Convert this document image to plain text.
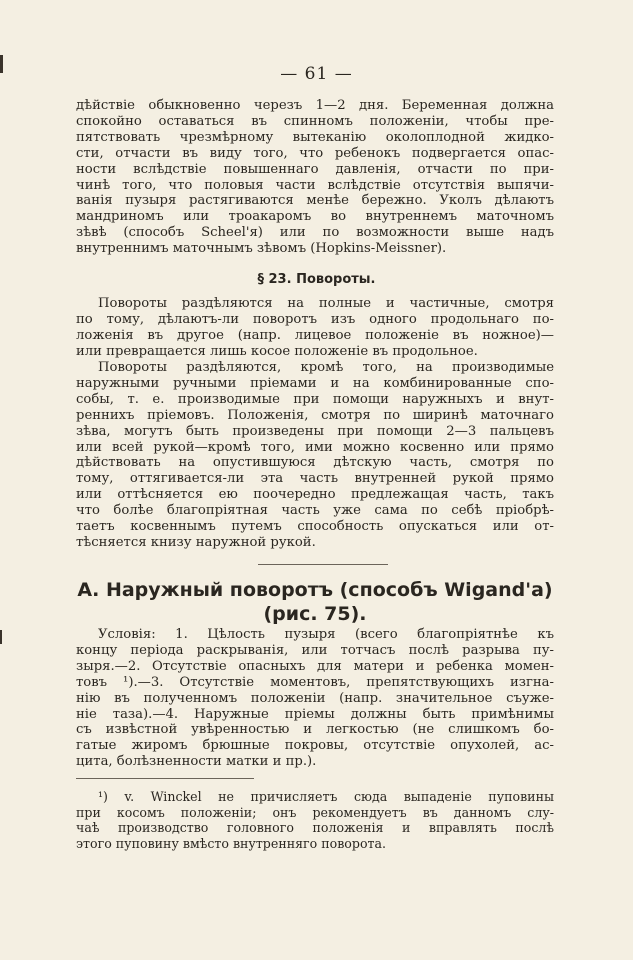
— 61 —

дѣйствіе обыкновенно черезъ 1—2 дня. Беременная должна
спокойно оставаться въ спинномъ положеніи, чтобы пре-
пятствовать чрезмѣрному вытеканію околоплодной жидко-
сти, отчасти въ виду того, что ребенокъ подвергается опас-
ности вслѣдствіе повышеннаго давленія, отчасти по при-
чинѣ того, что половыя части вслѣдствіе отсутствія выпячи-
ванія пузыря растягиваются менѣе бережно. Уколъ дѣлаютъ
мандриномъ или троакаромъ во внутреннемъ маточномъ
зѣвѣ (способъ Scheel'я) или по возможности выше надъ
внутреннимъ маточнымъ зѣвомъ (Hopkins-Meissner).

§ 23. Повороты.

Повороты раздѣляются на полные и частичные, смотря
по тому, дѣлаютъ-ли поворотъ изъ одного продольнаго по-
ложенія въ другое (напр. лицевое положеніе въ ножное)—
или превращается лишь косое положеніе въ продольное.

Повороты раздѣляются, кромѣ того, на производимые
наружными ручными пріемами и на комбинированные спо-
собы, т. е. производимые при помощи наружныхъ и внут-
реннихъ пріемовъ. Положенія, смотря по ширинѣ маточнаго
зѣва, могутъ быть произведены при помощи 2—3 пальцевъ
или всей рукой—кромѣ того, ими можно косвенно или прямо
дѣйствовать на опустившуюся дѣтскую часть, смотря по
тому, оттягивается-ли эта часть внутренней рукой прямо
или оттѣсняется ею поочередно предлежащая часть, такъ
что болѣе благопріятная часть уже сама по себѣ пріобрѣ-
таетъ косвеннымъ путемъ способность опускаться или от-
тѣсняется книзу наружной рукой.

А. Наружный поворотъ (способъ Wigand'а)
(рис. 75).

Условія: 1. Цѣлость пузыря (всего благопріятнѣе къ
концу періода раскрыванія, или тотчасъ послѣ разрыва пу-
зыря.—2. Отсутствіе опасныхъ для матери и ребенка момен-
товъ ¹).—3. Отсутствіе моментовъ, препятствующихъ изгна-
нію въ полученномъ положеніи (напр. значительное съуже-
ніе таза).—4. Наружные пріемы должны быть примѣнимы
съ извѣстной увѣренностью и легкостью (не слишкомъ бо-
гатые жиромъ брюшные покровы, отсутствіе опухолей, ас-
цита, болѣзненности матки и пр.).

¹) v. Winckel не причисляетъ сюда выпаденіе пуповины
при косомъ положеніи; онъ рекомендуетъ въ данномъ слу-
чаѣ производство головного положенія и вправлять послѣ
этого пуповину вмѣсто внутренняго поворота.
